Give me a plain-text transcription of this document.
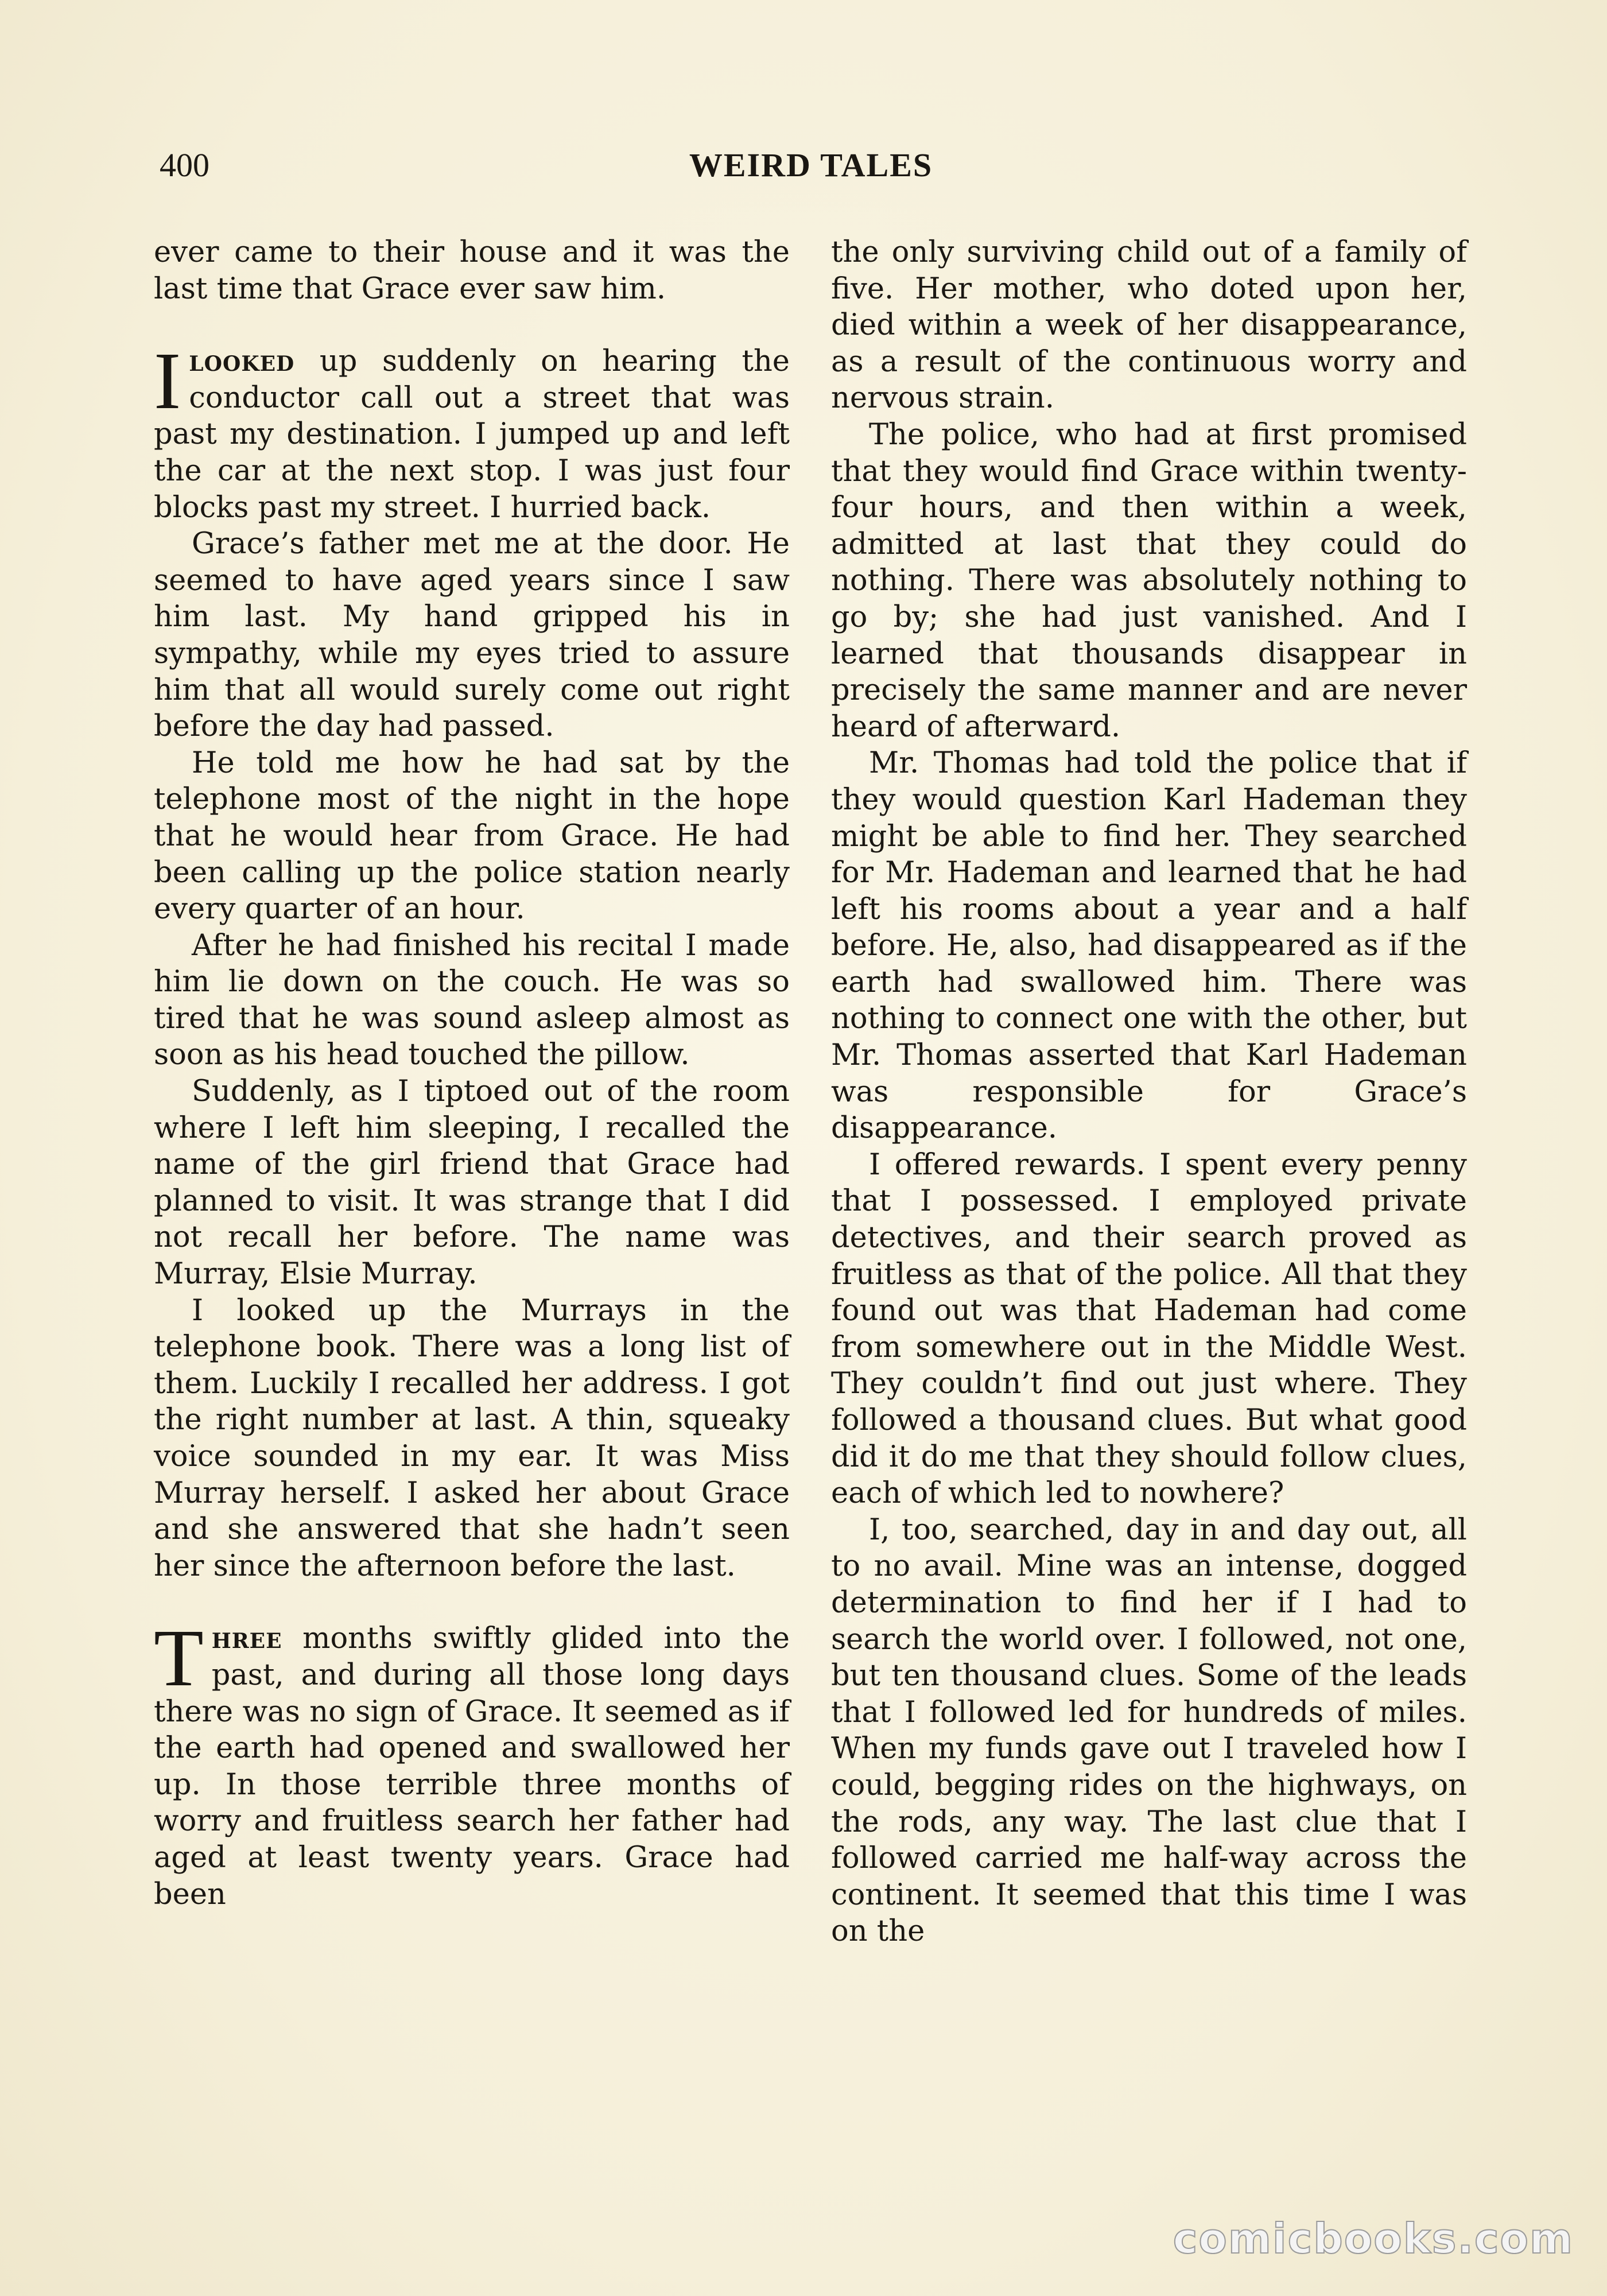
400	WEIRD TALES

ever came to their house and it was the last time that Grace ever saw him.

Ilooked up suddenly on hearing the conductor call out a street that was past my destination. I jumped up and left the car at the next stop. I was just four blocks past my street. I hurried back.

Grace’s father met me at the door. He seemed to have aged years since I saw him last. My hand gripped his in sympathy, while my eyes tried to assure him that all would surely come out right before the day had passed.

He told me how he had sat by the telephone most of the night in the hope that he would hear from Grace. He had been calling up the police station nearly every quarter of an hour.

After he had finished his recital I made him lie down on the couch. He was so tired that he was sound asleep almost as soon as his head touched the pillow.

Suddenly, as I tiptoed out of the room where I left him sleeping, I recalled the name of the girl friend that Grace had planned to visit. It was strange that I did not recall her before. The name was Murray, Elsie Murray.

I looked up the Murrays in the telephone book. There was a long list of them. Luckily I recalled her address. I got the right number at last. A thin, squeaky voice sounded in my ear. It was Miss Murray herself. I asked her about Grace and she answered that she hadn’t seen her since the afternoon before the last.

Three months swiftly glided into the past, and during all those long days there was no sign of Grace. It seemed as if the earth had opened and swallowed her up. In those terrible three months of worry and fruitless search her father had aged at least twenty years. Grace had been

the only surviving child out of a family of five. Her mother, who doted upon her, died within a week of her disappearance, as a result of the continuous worry and nervous strain.

The police, who had at first promised that they would find Grace within twenty-four hours, and then within a week, admitted at last that they could do nothing. There was absolutely nothing to go by; she had just vanished. And I learned that thousands disappear in precisely the same manner and are never heard of afterward.

Mr. Thomas had told the police that if they would question Karl Hademan they might be able to find her. They searched for Mr. Hademan and learned that he had left his rooms about a year and a half before. He, also, had disappeared as if the earth had swallowed him. There was nothing to connect one with the other, but Mr. Thomas asserted that Karl Hademan was responsible for Grace’s disappearance.

I offered rewards. I spent every penny that I possessed. I employed private detectives, and their search proved as fruitless as that of the police. All that they found out was that Hademan had come from somewhere out in the Middle West. They couldn’t find out just where. They followed a thousand clues. But what good did it do me that they should follow clues, each of which led to nowhere?

I, too, searched, day in and day out, all to no avail. Mine was an intense, dogged determination to find her if I had to search the world over. I followed, not one, but ten thousand clues. Some of the leads that I followed led for hundreds of miles. When my funds gave out I traveled how I could, begging rides on the highways, on the rods, any way. The last clue that I followed carried me half-way across the continent. It seemed that this time I was on the

comicbooks.com
